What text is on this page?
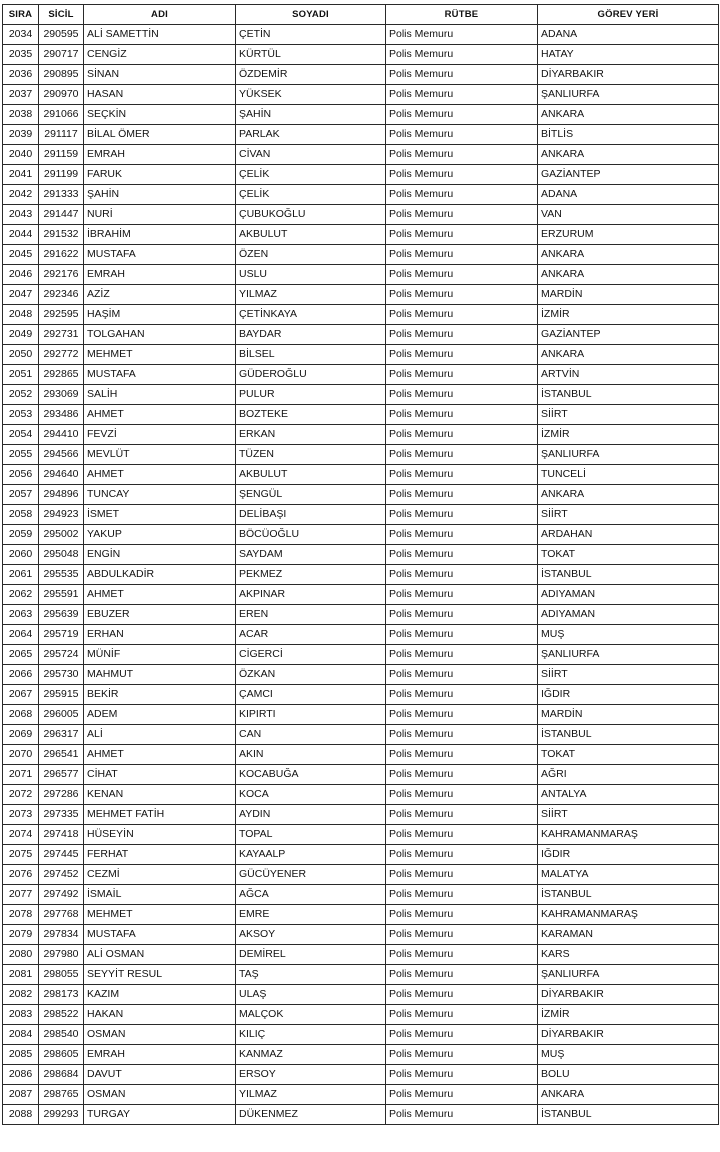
SIRA	SİCİL	ADI	SOYADI	RÜTBE	GÖREV YERİ
2034	290595	ALİ SAMETTİN	ÇETİN	Polis Memuru	ADANA
2035	290717	CENGİZ	KÜRTÜL	Polis Memuru	HATAY
2036	290895	SİNAN	ÖZDEMİR	Polis Memuru	DİYARBAKIR
2037	290970	HASAN	YÜKSEK	Polis Memuru	ŞANLIURFA
2038	291066	SEÇKİN	ŞAHİN	Polis Memuru	ANKARA
2039	291117	BİLAL ÖMER	PARLAK	Polis Memuru	BİTLİS
2040	291159	EMRAH	CİVAN	Polis Memuru	ANKARA
2041	291199	FARUK	ÇELİK	Polis Memuru	GAZİANTEP
2042	291333	ŞAHİN	ÇELİK	Polis Memuru	ADANA
2043	291447	NURİ	ÇUBUKOĞLU	Polis Memuru	VAN
2044	291532	İBRAHİM	AKBULUT	Polis Memuru	ERZURUM
2045	291622	MUSTAFA	ÖZEN	Polis Memuru	ANKARA
2046	292176	EMRAH	USLU	Polis Memuru	ANKARA
2047	292346	AZİZ	YILMAZ	Polis Memuru	MARDİN
2048	292595	HAŞİM	ÇETİNKAYA	Polis Memuru	İZMİR
2049	292731	TOLGAHAN	BAYDAR	Polis Memuru	GAZİANTEP
2050	292772	MEHMET	BİLSEL	Polis Memuru	ANKARA
2051	292865	MUSTAFA	GÜDEROĞLU	Polis Memuru	ARTVİN
2052	293069	SALİH	PULUR	Polis Memuru	İSTANBUL
2053	293486	AHMET	BOZTEKE	Polis Memuru	SİİRT
2054	294410	FEVZİ	ERKAN	Polis Memuru	İZMİR
2055	294566	MEVLÜT	TÜZEN	Polis Memuru	ŞANLIURFA
2056	294640	AHMET	AKBULUT	Polis Memuru	TUNCELİ
2057	294896	TUNCAY	ŞENGÜL	Polis Memuru	ANKARA
2058	294923	İSMET	DELİBAŞI	Polis Memuru	SİİRT
2059	295002	YAKUP	BÖCÜOĞLU	Polis Memuru	ARDAHAN
2060	295048	ENGİN	SAYDAM	Polis Memuru	TOKAT
2061	295535	ABDULKADİR	PEKMEZ	Polis Memuru	İSTANBUL
2062	295591	AHMET	AKPINAR	Polis Memuru	ADIYAMAN
2063	295639	EBUZER	EREN	Polis Memuru	ADIYAMAN
2064	295719	ERHAN	ACAR	Polis Memuru	MUŞ
2065	295724	MÜNİF	CİGERCİ	Polis Memuru	ŞANLIURFA
2066	295730	MAHMUT	ÖZKAN	Polis Memuru	SİİRT
2067	295915	BEKİR	ÇAMCI	Polis Memuru	IĞDIR
2068	296005	ADEM	KIPIRTI	Polis Memuru	MARDİN
2069	296317	ALİ	CAN	Polis Memuru	İSTANBUL
2070	296541	AHMET	AKIN	Polis Memuru	TOKAT
2071	296577	CİHAT	KOCABUĞA	Polis Memuru	AĞRI
2072	297286	KENAN	KOCA	Polis Memuru	ANTALYA
2073	297335	MEHMET FATİH	AYDIN	Polis Memuru	SİİRT
2074	297418	HÜSEYİN	TOPAL	Polis Memuru	KAHRAMANMARAŞ
2075	297445	FERHAT	KAYAALP	Polis Memuru	IĞDIR
2076	297452	CEZMİ	GÜCÜYENER	Polis Memuru	MALATYA
2077	297492	İSMAİL	AĞCA	Polis Memuru	İSTANBUL
2078	297768	MEHMET	EMRE	Polis Memuru	KAHRAMANMARAŞ
2079	297834	MUSTAFA	AKSOY	Polis Memuru	KARAMAN
2080	297980	ALİ OSMAN	DEMİREL	Polis Memuru	KARS
2081	298055	SEYYİT RESUL	TAŞ	Polis Memuru	ŞANLIURFA
2082	298173	KAZIM	ULAŞ	Polis Memuru	DİYARBAKIR
2083	298522	HAKAN	MALÇOK	Polis Memuru	İZMİR
2084	298540	OSMAN	KILIÇ	Polis Memuru	DİYARBAKIR
2085	298605	EMRAH	KANMAZ	Polis Memuru	MUŞ
2086	298684	DAVUT	ERSOY	Polis Memuru	BOLU
2087	298765	OSMAN	YILMAZ	Polis Memuru	ANKARA
2088	299293	TURGAY	DÜKENMEZ	Polis Memuru	İSTANBUL
